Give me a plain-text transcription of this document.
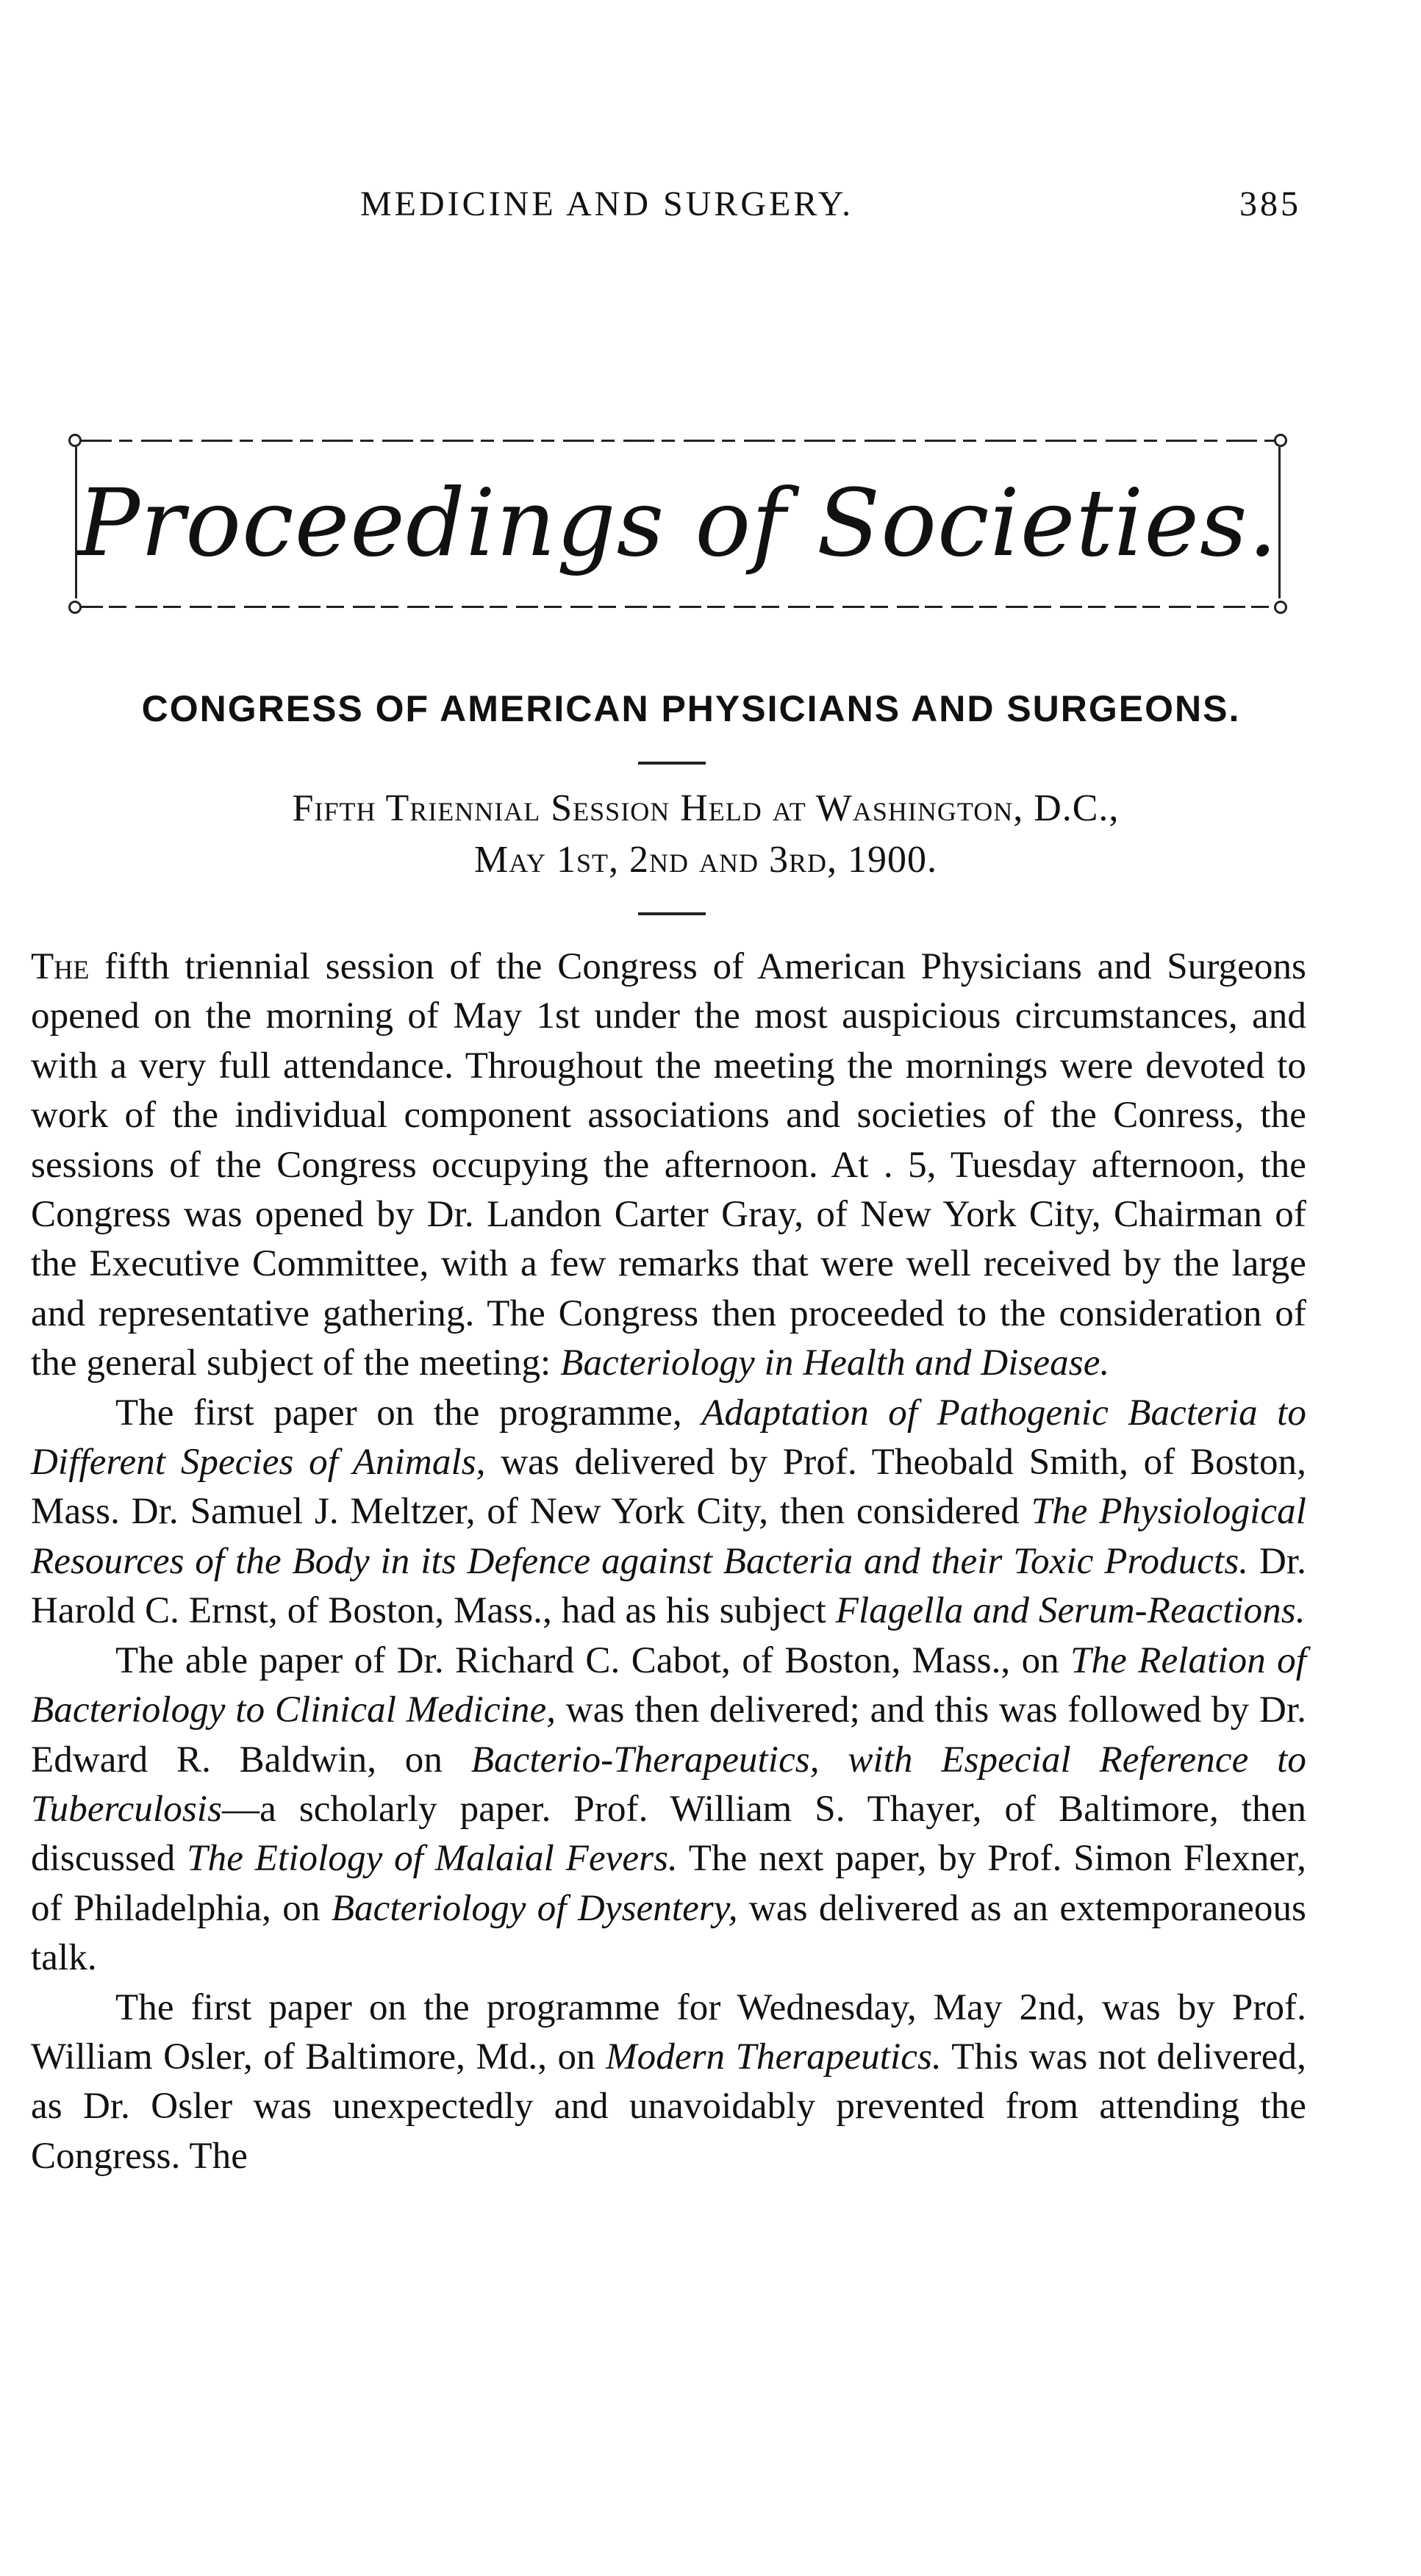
MEDICINE AND SURGERY.	385
Proceedings of Societies.
CONGRESS OF AMERICAN PHYSICIANS AND SURGEONS.
Fifth Triennial Session Held at Washington, D.C.,
May 1st, 2nd and 3rd, 1900.

The fifth triennial session of the Congress of American Physicians and Surgeons opened on the morning of May 1st under the most auspicious circumstances, and with a very full attendance. Throughout the meeting the mornings were devoted to work of the individual component associations and societies of the Conress, the sessions of the Congress occupying the afternoon. At . 5, Tuesday afternoon, the Congress was opened by Dr. Landon Carter Gray, of New York City, Chairman of the Executive Committee, with a few remarks that were well received by the large and representative gathering. The Congress then proceeded to the consideration of the general subject of the meeting: Bacteriology in Health and Disease.

The first paper on the programme, Adaptation of Pathogenic Bacteria to Different Species of Animals, was delivered by Prof. Theobald Smith, of Boston, Mass. Dr. Samuel J. Meltzer, of New York City, then considered The Physiological Resources of the Body in its Defence against Bacteria and their Toxic Products. Dr. Harold C. Ernst, of Boston, Mass., had as his subject Flagella and Serum-Reactions.

The able paper of Dr. Richard C. Cabot, of Boston, Mass., on The Relation of Bacteriology to Clinical Medicine, was then delivered; and this was followed by Dr. Edward R. Baldwin, on Bacterio-Therapeutics, with Especial Reference to Tuberculosis—a scholarly paper. Prof. William S. Thayer, of Baltimore, then discussed The Etiology of Malaial Fevers. The next paper, by Prof. Simon Flexner, of Philadelphia, on Bacteriology of Dysentery, was delivered as an extemporaneous talk.

The first paper on the programme for Wednesday, May 2nd, was by Prof. William Osler, of Baltimore, Md., on Modern Therapeutics. This was not delivered, as Dr. Osler was unexpectedly and unavoidably prevented from attending the Congress. The
